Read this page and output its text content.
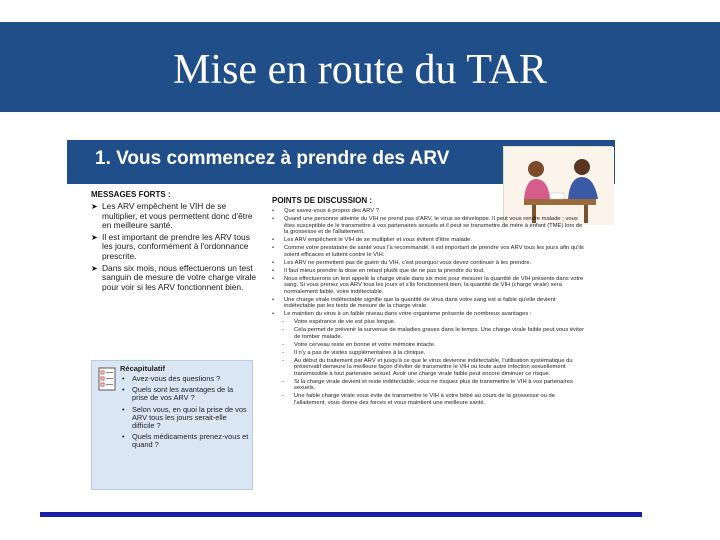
Mise en route du TAR
1. Vous commencez à prendre des ARV
MESSAGES FORTS :
➤ Les ARV empêchent le VIH de se multiplier, et vous permettent donc d'être en meilleure santé.
➤ Il est important de prendre les ARV tous les jours, conformément à l'ordonnance prescrite.
➤ Dans six mois, nous effectuerons un test sanguin de mesure de votre charge virale pour voir si les ARV fonctionnent bien.
Récapitulatif
• Avez-vous des questions ?
• Quels sont les avantages de la prise de vos ARV ?
• Selon vous, en quoi la prise de vos ARV tous les jours serait-elle difficile ?
• Quels médicaments prenez-vous et quand ?
POINTS DE DISCUSSION :
• Que savez-vous à propos des ARV ?
• Quand une personne atteinte du VIH ne prend pas d'ARV, le virus se développe. Il peut vous rendre malade ; vous êtes susceptible de le transmettre à vos partenaires sexuels et il peut se transmettre de mère à enfant (TME) lors de la grossesse et de l'allaitement.
• Les ARV empêchent le VIH de se multiplier et vous évitent d'être malade.
• Comme votre prestataire de santé vous l'a recommandé, il est important de prendre vos ARV tous les jours afin qu'ils soient efficaces et luttent contre le VIH.
• Les ARV ne permettent pas de guérir du VIH, c'est pourquoi vous devez continuer à les prendre.
• Il faut mieux prendre la dose en retard plutôt que de ne pas la prendre du tout.
• Nous effectuerons un test appelé la charge virale dans six mois pour mesurer la quantité de VIH présente dans votre sang. Si vous prenez vos ARV tous les jours et s'ils fonctionnent bien, la quantité de VIH (charge virale) sera normalement faible, voire indétectable.
• Une charge virale indétectable signifie que la quantité de virus dans votre sang est si faible qu'elle devient indétectable par les tests de mesure de la charge virale.
• Le maintien du virus à un faible niveau dans votre organisme présente de nombreux avantages :
- Votre espérance de vie est plus longue.
- Cela permet de prévenir la survenue de maladies graves dans le temps. Une charge virale faible peut vous éviter de tomber malade.
- Votre cerveau reste en bonne et votre mémoire intacte.
- Il n'y a pas de visites supplémentaires à la clinique.
- Au début du traitement par ARV et jusqu'à ce que le virus devienne indétectable, l'utilisation systématique du préservatif demeure la meilleure façon d'éviter de transmettre le VIH ou toute autre infection sexuellement transmissible à tout partenaire sexuel. Avoir une charge virale faible peut encore diminuer ce risque.
- Si la charge virale devient et reste indétectable, vous ne risquez plus de transmettre le VIH à vos partenaires sexuels.
- Une faible charge virale vous évite de transmettre le VIH à votre bébé au cours de la grossesse ou de l'allaitement, vous donne des forces et vous maintient une meilleure santé.
